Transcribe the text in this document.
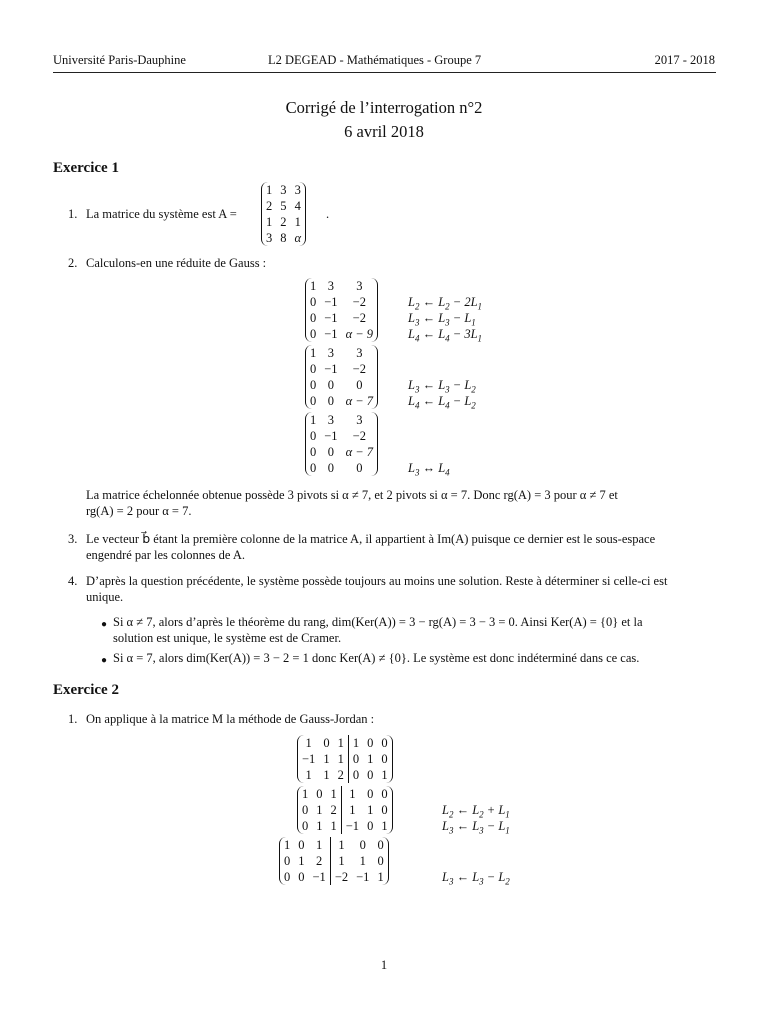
Université Paris-Dauphine	L2 DEGEAD - Mathématiques - Groupe 7	2017 - 2018
Corrigé de l’interrogation n°2
6 avril 2018
Exercice 1
1. La matrice du système est A =
1	3	3
2	5	4
1	2	1
3	8	α
.
2. Calculons-en une réduite de Gauss :
1	3	3
0	−1	−2
0	−1	−2
0	−1	α − 9
$L_2$ ← $L_2 - 2L_1$
$L_3$ ← $L_3 - L_1$
$L_4$ ← $L_4 - 3L_1$
1	3	3
0	−1	−2
0	0	0
0	0	α − 7
$L_3$ ← $L_3 - L_2$
$L_4$ ← $L_4 - L_2$
1	3	3
0	−1	−2
0	0	α − 7
0	0	0	$L_3$ ↔ $L_4$
La matrice échelonnée obtenue possède 3 pivots si α ≠ 7, et 2 pivots si α = 7. Donc rg(A) = 3 pour α ≠ 7 et
rg(A) = 2 pour α = 7.
3. Le vecteur b⃗ étant la première colonne de la matrice A, il appartient à Im(A) puisque ce dernier est le sous-espace
engendré par les colonnes de A.
4. D’après la question précédente, le système possède toujours au moins une solution. Reste à déterminer si celle-ci est
unique.
● Si α ≠ 7, alors d’après le théorème du rang, dim(Ker(A)) = 3 − rg(A) = 3 − 3 = 0. Ainsi Ker(A) = {0} et la
solution est unique, le système est de Cramer.
● Si α = 7, alors dim(Ker(A)) = 3 − 2 = 1 donc Ker(A) ≠ {0}. Le système est donc indéterminé dans ce cas.
Exercice 2
1. On applique à la matrice M la méthode de Gauss-Jordan :
1	0	1	1	0	0
−1	1	1	0	1	0
1	1	2	0	0	1
1	0	1	1	0	0
0	1	2	1	1	0
0	1	1	−1	0	1
$L_2$ ← $L_2 + L_1$
$L_3$ ← $L_3 - L_1$
1	0	1	1	0	0
0	1	2	1	1	0
0	0	−1	−2	−1	1	$L_3$ ← $L_3 - L_2$
1
